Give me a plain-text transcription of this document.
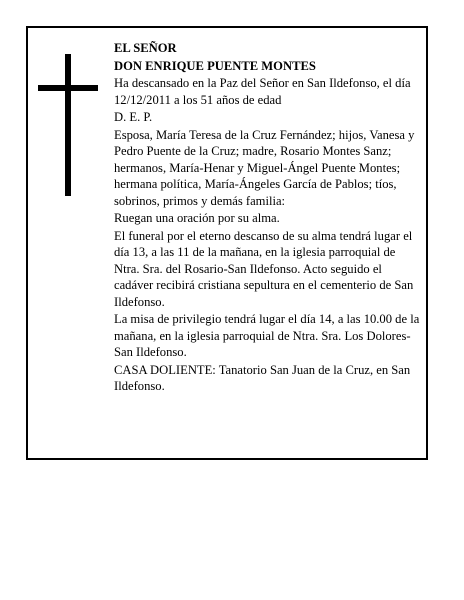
EL SEÑOR

DON ENRIQUE PUENTE MONTES

Ha descansado en la Paz del Señor en San Ildefonso, el día 12/12/2011 a los 51 años de edad

D. E. P.

Esposa, María Teresa de la Cruz Fernández; hijos, Vanesa y Pedro Puente de la Cruz; madre, Rosario Montes Sanz; hermanos, María-Henar y Miguel-Ángel Puente Montes; hermana política, María-Ángeles García de Pablos; tíos, sobrinos, primos y demás familia:

Ruegan una oración por su alma.

El funeral por el eterno descanso de su alma tendrá lugar el día 13, a las 11 de la mañana, en la iglesia parroquial de Ntra. Sra. del Rosario-San Ildefonso. Acto seguido el cadáver recibirá cristiana sepultura en el cementerio de San Ildefonso.

La misa de privilegio tendrá lugar el día 14, a las 10.00 de la mañana, en la iglesia parroquial de Ntra. Sra. Los Dolores-San Ildefonso.

CASA DOLIENTE: Tanatorio San Juan de la Cruz, en San Ildefonso.
